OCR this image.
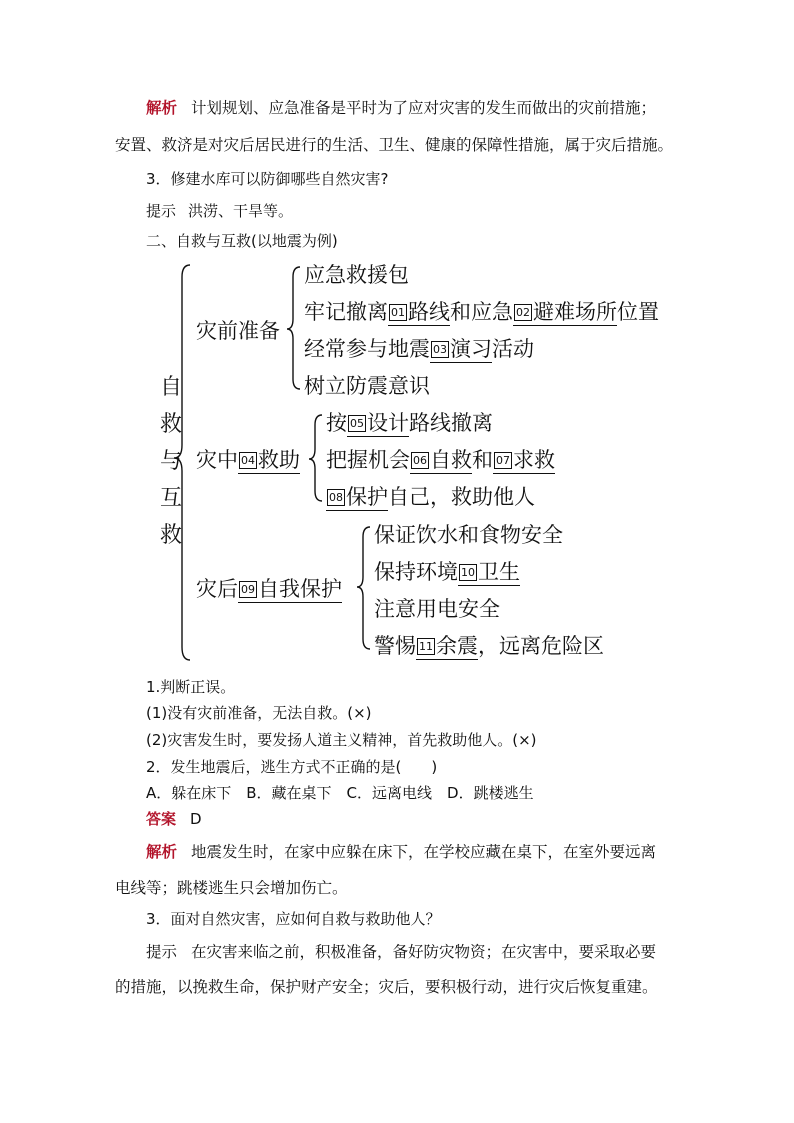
解析 计划规划、应急准备是平时为了应对灾害的发生而做出的灾前措施；
安置、救济是对灾后居民进行的生活、卫生、健康的保障性措施，属于灾后措施。
3．修建水库可以防御哪些自然灾害?
提示 洪涝、干旱等。
二、自救与互救(以地震为例)
自
救
与
互
救
灾前准备
应急救援包
牢记撤离 01 路线和应急 02 避难场所位置
经常参与地震 03 演习活动
树立防震意识
灾中 04 救助
按 05 设计路线撤离
把握机会 06 自救和 07 求救
08 保护自己，救助他人
灾后 09 自我保护
保证饮水和食物安全
保持环境 10 卫生
注意用电安全
警惕 11 余震，远离危险区
1.判断正误。
(1)没有灾前准备，无法自救。(×)
(2)灾害发生时，要发扬人道主义精神，首先救助他人。(×)
2．发生地震后，逃生方式不正确的是(　　)
A．躲在床下　B．藏在桌下　C．远离电线　D．跳楼逃生
答案 D
解析 地震发生时，在家中应躲在床下，在学校应藏在桌下，在室外要远离
电线等；跳楼逃生只会增加伤亡。
3．面对自然灾害，应如何自救与救助他人？
提示 在灾害来临之前，积极准备，备好防灾物资；在灾害中，要采取必要
的措施，以挽救生命，保护财产安全；灾后，要积极行动，进行灾后恢复重建。
